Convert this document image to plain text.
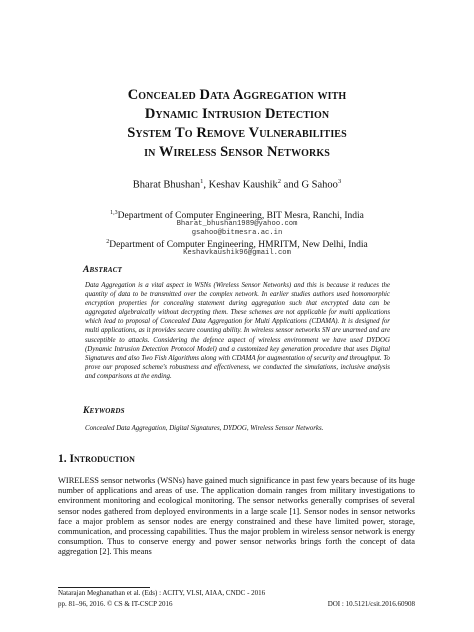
Concealed Data Aggregation with
Dynamic Intrusion Detection
System To Remove Vulnerabilities
in Wireless Sensor Networks
Bharat Bhushan$^1$, Keshav Kaushik$^2$ and G Sahoo$^3$
$^{1,3}$Department of Computer Engineering, BIT Mesra, Ranchi, India
Bharat_bhushan1989@yahoo.com
gsahoo@bitmesra.ac.in
$^2$Department of Computer Engineering, HMRITM, New Delhi, India
Keshavkaushik96@gmail.com
Abstract
Data Aggregation is a vital aspect in WSNs (Wireless Sensor Networks) and this is because it reduces the quantity of data to be transmitted over the complex network. In earlier studies authors used homomorphic encryption properties for concealing statement during aggregation such that encrypted data can be aggregated algebraically without decrypting them. These schemes are not applicable for multi applications which lead to proposal of Concealed Data Aggregation for Multi Applications (CDAMA). It is designed for multi applications, as it provides secure counting ability. In wireless sensor networks SN are unarmed and are susceptible to attacks. Considering the defence aspect of wireless environment we have used DYDOG (Dynamic Intrusion Detection Protocol Model) and a customized key generation procedure that uses Digital Signatures and also Two Fish Algorithms along with CDAMA for augmentation of security and throughput. To prove our proposed scheme's robustness and effectiveness, we conducted the simulations, inclusive analysis and comparisons at the ending.
Keywords
Concealed Data Aggregation, Digital Signatures, DYDOG, Wireless Sensor Networks.
1. Introduction
WIRELESS sensor networks (WSNs) have gained much significance in past few years because of its huge number of applications and areas of use. The application domain ranges from military investigations to environment monitoring and ecological monitoring. The sensor networks generally comprises of several sensor nodes gathered from deployed environments in a large scale [1]. Sensor nodes in sensor networks face a major problem as sensor nodes are energy constrained and these have limited power, storage, communication, and processing capabilities. Thus the major problem in wireless sensor network is energy consumption. Thus to conserve energy and power sensor networks brings forth the concept of data aggregation [2]. This means
Natarajan Meghanathan et al. (Eds) : ACITY, VLSI, AIAA, CNDC - 2016
pp. 81–96, 2016. © CS & IT-CSCP 2016	DOI : 10.5121/csit.2016.60908
